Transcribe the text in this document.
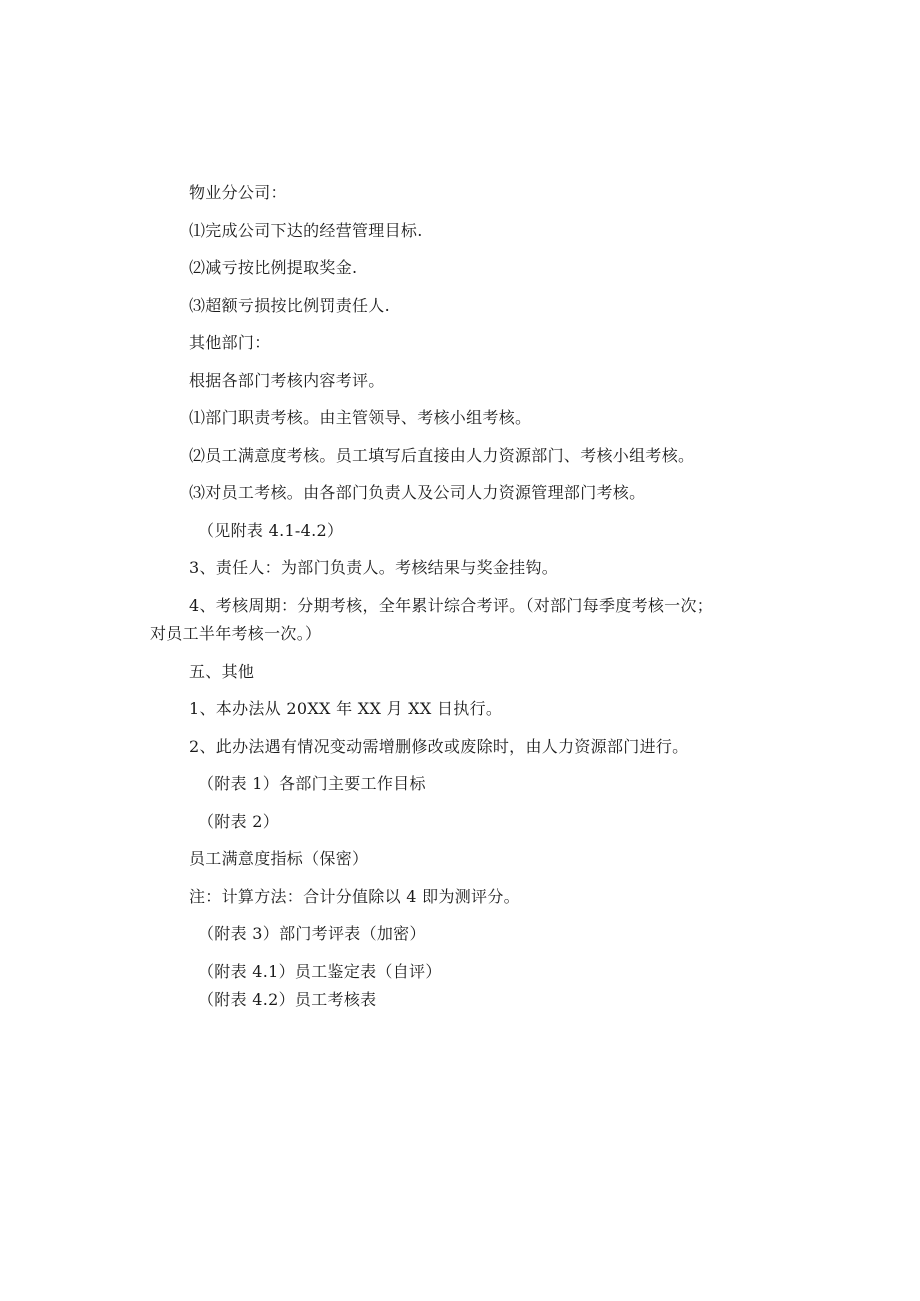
物业分公司：
⑴完成公司下达的经营管理目标.
⑵减亏按比例提取奖金.
⑶超额亏损按比例罚责任人.
其他部门：
根据各部门考核内容考评。
⑴部门职责考核。由主管领导、考核小组考核。
⑵员工满意度考核。员工填写后直接由人力资源部门、考核小组考核。
⑶对员工考核。由各部门负责人及公司人力资源管理部门考核。
（见附表 4.1-4.2）
3、责任人：为部门负责人。考核结果与奖金挂钩。
4、考核周期：分期考核，全年累计综合考评。（对部门每季度考核一次；
对员工半年考核一次。）
五、其他
1、本办法从 20XX 年 XX 月 XX 日执行。
2、此办法遇有情况变动需增删修改或废除时，由人力资源部门进行。
（附表 1）各部门主要工作目标
（附表 2）
员工满意度指标（保密）
注：计算方法：合计分值除以 4 即为测评分。
（附表 3）部门考评表（加密）
（附表 4.1）员工鉴定表（自评）
（附表 4.2）员工考核表
